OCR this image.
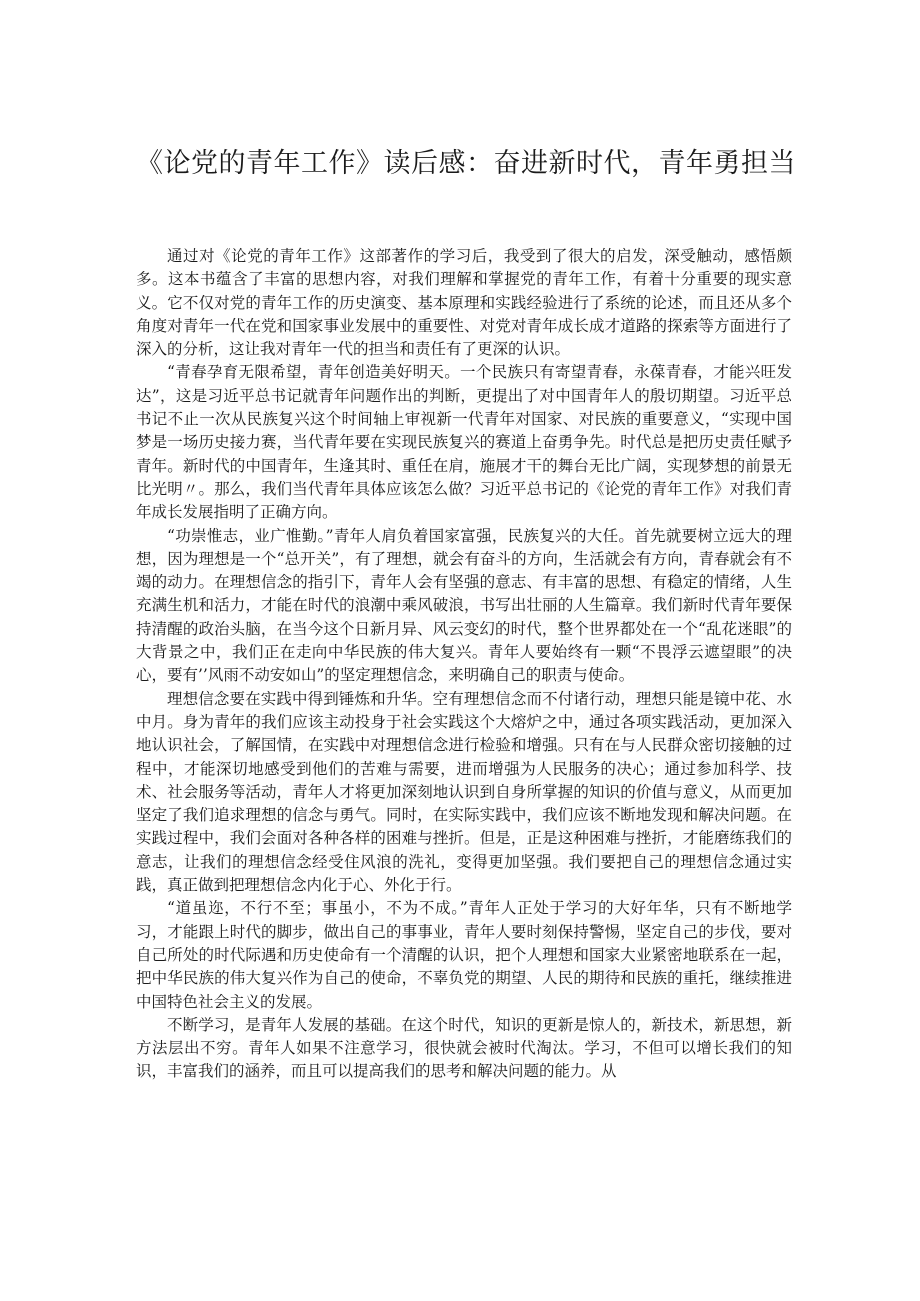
《论党的青年工作》读后感：奋进新时代，青年勇担当

通过对《论党的青年工作》这部著作的学习后，我受到了很大的启发，深受触动，感悟颇多。这本书蕴含了丰富的思想内容，对我们理解和掌握党的青年工作，有着十分重要的现实意义。它不仅对党的青年工作的历史演变、基本原理和实践经验进行了系统的论述，而且还从多个角度对青年一代在党和国家事业发展中的重要性、对党对青年成长成才道路的探索等方面进行了深入的分析，这让我对青年一代的担当和责任有了更深的认识。

“青春孕育无限希望，青年创造美好明天。一个民族只有寄望青春，永葆青春，才能兴旺发达”，这是习近平总书记就青年问题作出的判断，更提出了对中国青年人的殷切期望。习近平总书记不止一次从民族复兴这个时间轴上审视新一代青年对国家、对民族的重要意义，“实现中国梦是一场历史接力赛，当代青年要在实现民族复兴的赛道上奋勇争先。时代总是把历史责任赋予青年。新时代的中国青年，生逢其时、重任在肩，施展才干的舞台无比广阔，实现梦想的前景无比光明〃。那么，我们当代青年具体应该怎么做？习近平总书记的《论党的青年工作》对我们青年成长发展指明了正确方向。

“功崇惟志，业广惟勤。”青年人肩负着国家富强，民族复兴的大任。首先就要树立远大的理想，因为理想是一个“总开关”，有了理想，就会有奋斗的方向，生活就会有方向，青春就会有不竭的动力。在理想信念的指引下，青年人会有坚强的意志、有丰富的思想、有稳定的情绪，人生充满生机和活力，才能在时代的浪潮中乘风破浪，书写出壮丽的人生篇章。我们新时代青年要保持清醒的政治头脑，在当今这个日新月异、风云变幻的时代，整个世界都处在一个“乱花迷眼”的大背景之中，我们正在走向中华民族的伟大复兴。青年人要始终有一颗“不畏浮云遮望眼”的决心，要有’’风雨不动安如山”的坚定理想信念，来明确自己的职责与使命。

理想信念要在实践中得到锤炼和升华。空有理想信念而不付诸行动，理想只能是镜中花、水中月。身为青年的我们应该主动投身于社会实践这个大熔炉之中，通过各项实践活动，更加深入地认识社会，了解国情，在实践中对理想信念进行检验和增强。只有在与人民群众密切接触的过程中，才能深切地感受到他们的苦难与需要，进而增强为人民服务的决心；通过参加科学、技术、社会服务等活动，青年人才将更加深刻地认识到自身所掌握的知识的价值与意义，从而更加坚定了我们追求理想的信念与勇气。同时，在实际实践中，我们应该不断地发现和解决问题。在实践过程中，我们会面对各种各样的困难与挫折。但是，正是这种困难与挫折，才能磨练我们的意志，让我们的理想信念经受住风浪的洗礼，变得更加坚强。我们要把自己的理想信念通过实践，真正做到把理想信念内化于心、外化于行。

“道虽迩，不行不至；事虽小，不为不成。”青年人正处于学习的大好年华，只有不断地学习，才能跟上时代的脚步，做出自己的事事业，青年人要时刻保持警惕，坚定自己的步伐，要对自己所处的时代际遇和历史使命有一个清醒的认识，把个人理想和国家大业紧密地联系在一起，把中华民族的伟大复兴作为自己的使命，不辜负党的期望、人民的期待和民族的重托，继续推进中国特色社会主义的发展。

不断学习，是青年人发展的基础。在这个时代，知识的更新是惊人的，新技术，新思想，新方法层出不穷。青年人如果不注意学习，很快就会被时代淘汰。学习，不但可以增长我们的知识，丰富我们的涵养，而且可以提高我们的思考和解决问题的能力。从
